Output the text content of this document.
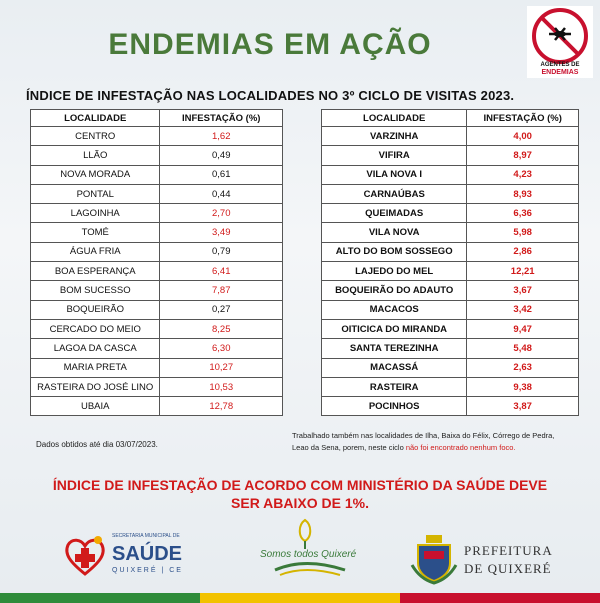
ENDEMIAS EM AÇÃO
AGENTES DE
ENDEMIAS
ÍNDICE DE INFESTAÇÃO NAS LOCALIDADES NO 3º CICLO DE VISITAS 2023.
LOCALIDADE	INFESTAÇÃO (%)
CENTRO	1,62
LLÃO	0,49
NOVA MORADA	0,61
PONTAL	0,44
LAGOINHA	2,70
TOMÉ	3,49
ÁGUA FRIA	0,79
BOA ESPERANÇA	6,41
BOM SUCESSO	7,87
BOQUEIRÃO	0,27
CERCADO DO MEIO	8,25
LAGOA DA CASCA	6,30
MARIA PRETA	10,27
RASTEIRA DO JOSÉ LINO	10,53
UBAIA	12,78
LOCALIDADE	INFESTAÇÃO (%)
VARZINHA	4,00
VIFIRA	8,97
VILA NOVA I	4,23
CARNAÚBAS	8,93
QUEIMADAS	6,36
VILA NOVA	5,98
ALTO DO BOM SOSSEGO	2,86
LAJEDO DO MEL	12,21
BOQUEIRÃO DO ADAUTO	3,67
MACACOS	3,42
OITICICA DO MIRANDA	9,47
SANTA TEREZINHA	5,48
MACASSÁ	2,63
RASTEIRA	9,38
POCINHOS	3,87
Dados obtidos até dia 03/07/2023.
Trabalhado também nas localidades de Ilha, Baixa do Félix, Córrego de Pedra, Leao da Sena, porem, neste ciclo não foi encontrado nenhum foco.
ÍNDICE DE INFESTAÇÃO DE ACORDO COM MINISTÉRIO DA SAÚDE DEVE
SER ABAIXO DE 1%.
SECRETARIA MUNICIPAL DE
SAÚDE
QUIXERÉ | CE
Somos todos Quixeré	PREFEITURA
DE QUIXERÉ
